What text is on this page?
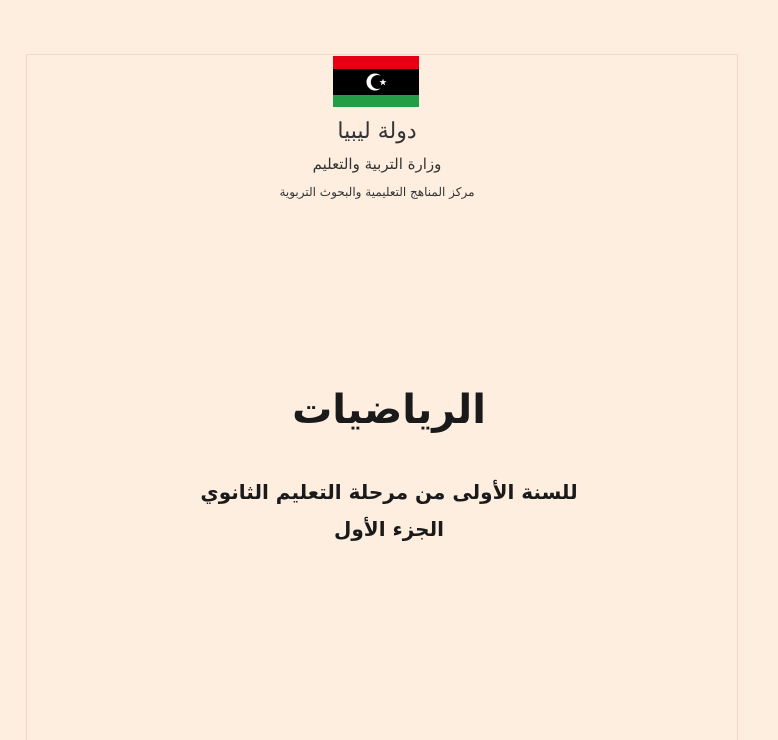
دولة ليبيا
وزارة التربية والتعليم
مركز المناهج التعليمية والبحوث التربوية
الرياضيات

للسنة الأولى من مرحلة التعليم الثانوي

الجزء الأول
